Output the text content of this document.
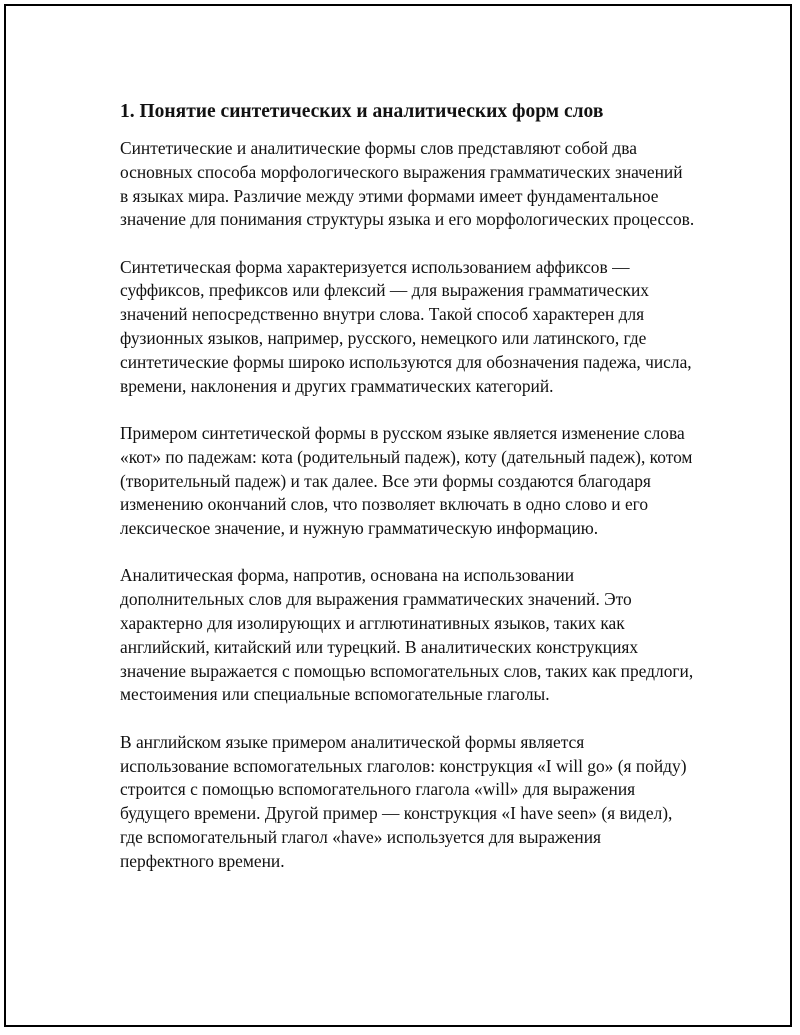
1. Понятие синтетических и аналитических форм слов

Синтетические и аналитические формы слов представляют собой два основных способа морфологического выражения грамматических значений в языках мира. Различие между этими формами имеет фундаментальное значение для понимания структуры языка и его морфологических процессов.

Синтетическая форма характеризуется использованием аффиксов — суффиксов, префиксов или флексий — для выражения грамматических значений непосредственно внутри слова. Такой способ характерен для фузионных языков, например, русского, немецкого или латинского, где синтетические формы широко используются для обозначения падежа, числа, времени, наклонения и других грамматических категорий.

Примером синтетической формы в русском языке является изменение слова «кот» по падежам: кота (родительный падеж), коту (дательный падеж), котом (творительный падеж) и так далее. Все эти формы создаются благодаря изменению окончаний слов, что позволяет включать в одно слово и его лексическое значение, и нужную грамматическую информацию.

Аналитическая форма, напротив, основана на использовании дополнительных слов для выражения грамматических значений. Это характерно для изолирующих и агглютинативных языков, таких как английский, китайский или турецкий. В аналитических конструкциях значение выражается с помощью вспомогательных слов, таких как предлоги, местоимения или специальные вспомогательные глаголы.

В английском языке примером аналитической формы является использование вспомогательных глаголов: конструкция «I will go» (я пойду) строится с помощью вспомогательного глагола «will» для выражения будущего времени. Другой пример — конструкция «I have seen» (я видел), где вспомогательный глагол «have» используется для выражения перфектного времени.
